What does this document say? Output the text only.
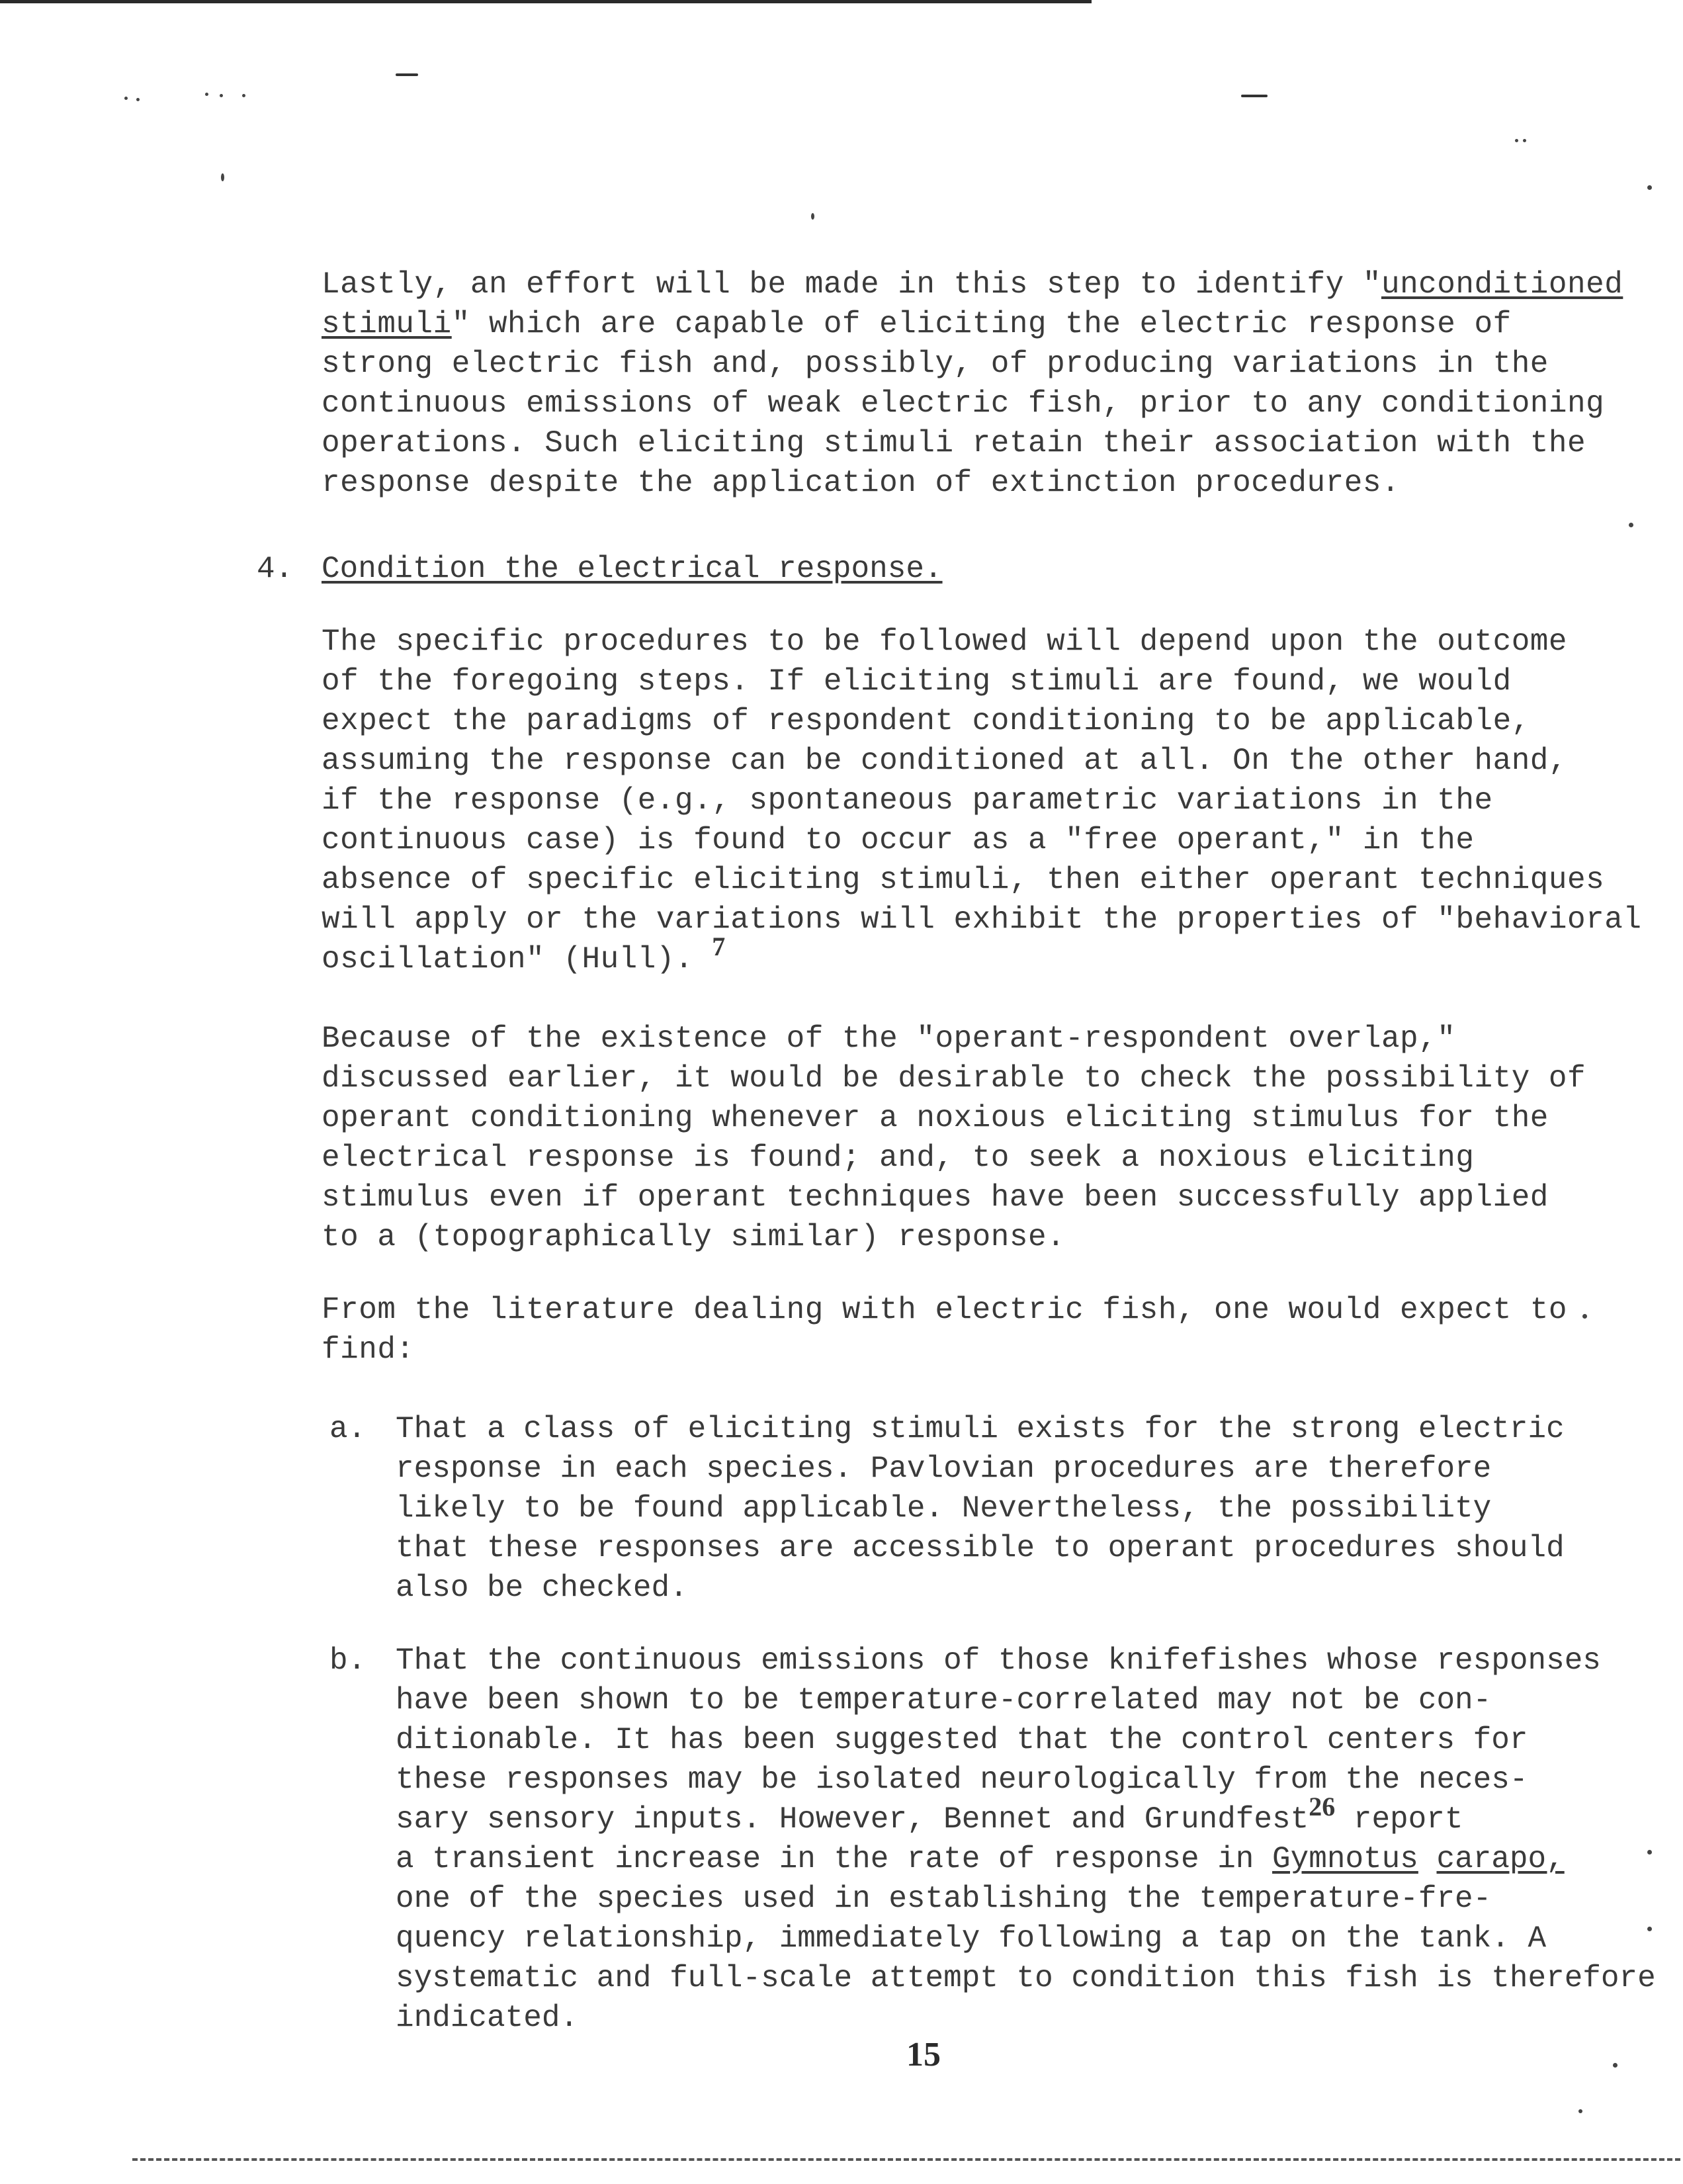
Lastly, an effort will be made in this step to identify "unconditioned

stimuli" which are capable of eliciting the electric response of

strong electric fish and, possibly, of producing variations in the

continuous emissions of weak electric fish, prior to any conditioning

operations. Such eliciting stimuli retain their association with the

response despite the application of extinction procedures.

4. Condition the electrical response.

The specific procedures to be followed will depend upon the outcome

of the foregoing steps. If eliciting stimuli are found, we would

expect the paradigms of respondent conditioning to be applicable,

assuming the response can be conditioned at all. On the other hand,

if the response (e.g., spontaneous parametric variations in the

continuous case) is found to occur as a "free operant," in the

absence of specific eliciting stimuli, then either operant techniques

will apply or the variations will exhibit the properties of "behavioral

oscillation" (Hull). $^7$

Because of the existence of the "operant-respondent overlap,"

discussed earlier, it would be desirable to check the possibility of

operant conditioning whenever a noxious eliciting stimulus for the

electrical response is found; and, to seek a noxious eliciting

stimulus even if operant techniques have been successfully applied

to a (topographically similar) response.

From the literature dealing with electric fish, one would expect to

find:

a. That a class of eliciting stimuli exists for the strong electric

response in each species. Pavlovian procedures are therefore

likely to be found applicable. Nevertheless, the possibility

that these responses are accessible to operant procedures should

also be checked.

b. That the continuous emissions of those knifefishes whose responses

have been shown to be temperature-correlated may not be con-

ditionable. It has been suggested that the control centers for

these responses may be isolated neurologically from the neces-

sary sensory inputs. However, Bennet and Grundfest$^{26}$ report

a transient increase in the rate of response in Gymnotus carapo,

one of the species used in establishing the temperature-fre-

quency relationship, immediately following a tap on the tank. A

systematic and full-scale attempt to condition this fish is therefore

indicated.

15
